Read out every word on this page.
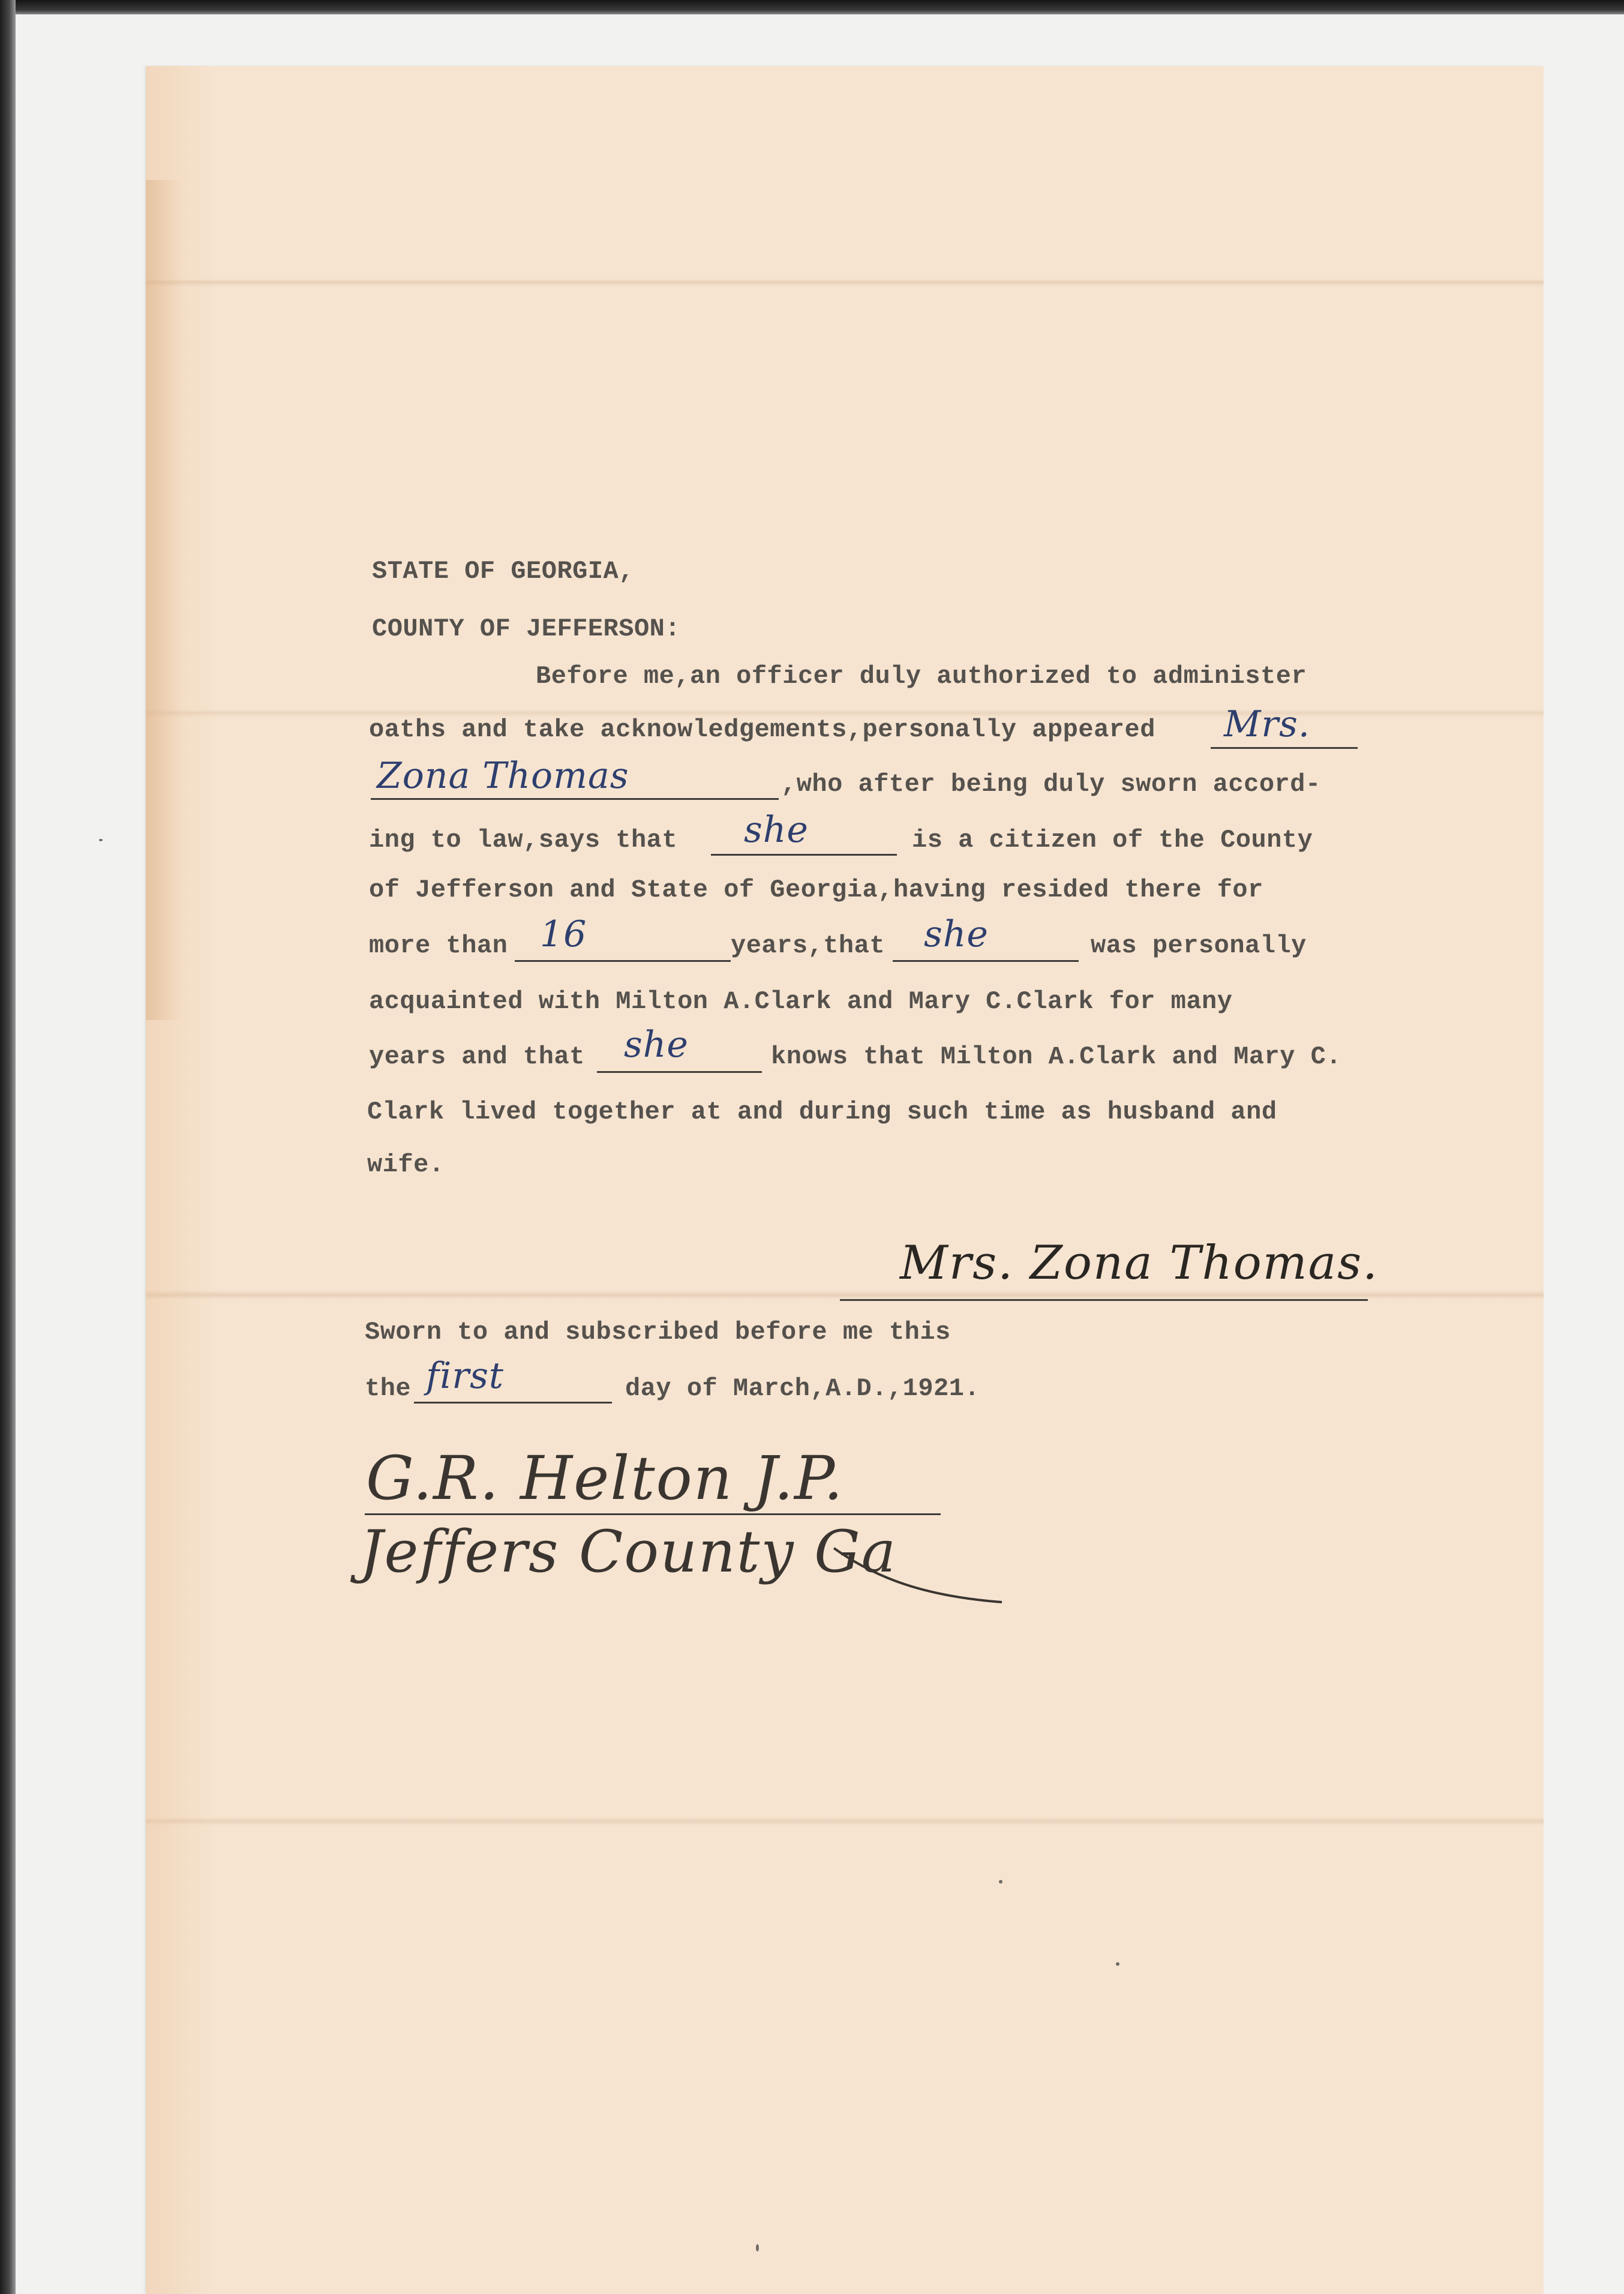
STATE OF GEORGIA,
COUNTY OF JEFFERSON:
Before me,an officer duly authorized to administer
oaths and take acknowledgements,personally appeared Mrs.
Zona Thomas	,who after being duly sworn accord-
ing to law,says that she	is a citizen of the County
of Jefferson and State of Georgia,having resided there for
more than 16	years,that she	was personally
acquainted with Milton A.Clark and Mary C.Clark for many
years and that she	knows that Milton A.Clark and Mary C.
Clark lived together at and during such time as husband and
wife.
Mrs. Zona Thomas.
Sworn to and subscribed before me this
the first	day of March,A.D.,1921.
G.R. Helton J.P.
Jeffers County Ga
